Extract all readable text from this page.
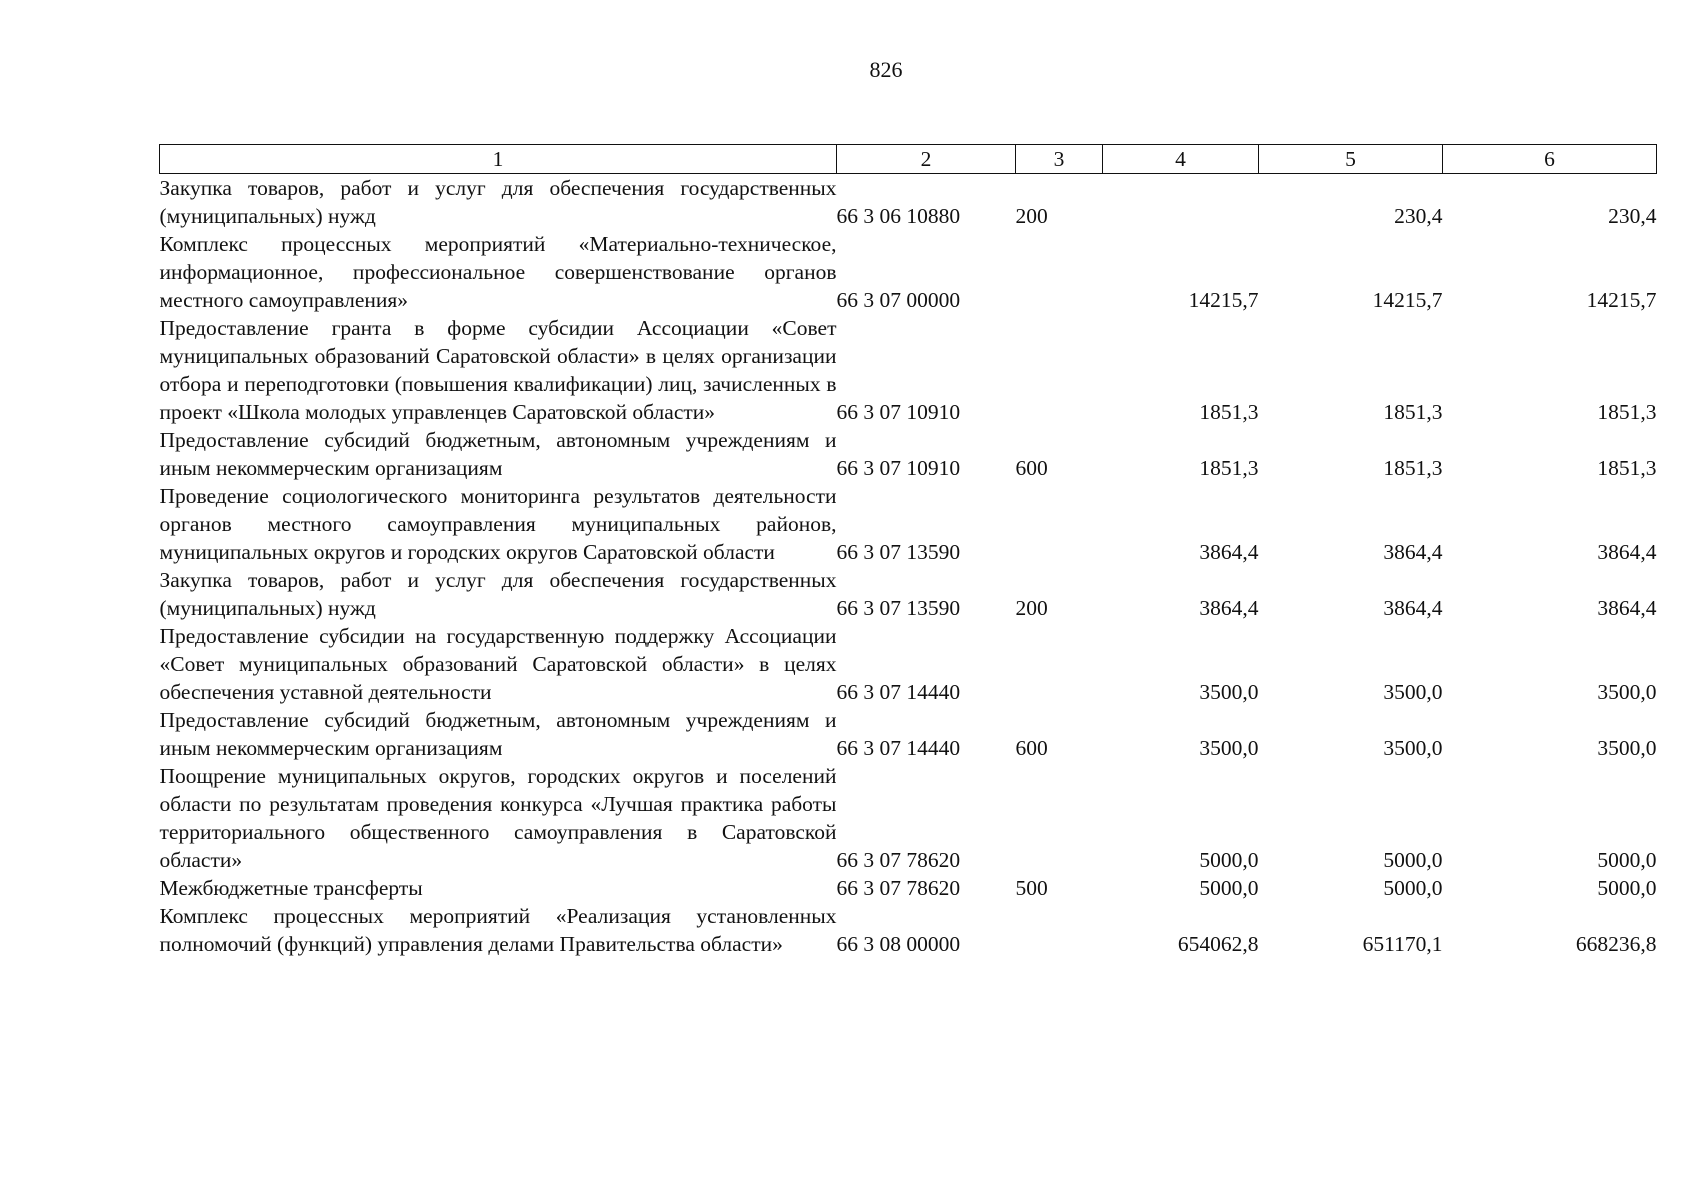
826
1	2	3	4	5	6
Закупка товаров, работ и услуг для обеспечения государственных (муниципальных) нужд	66 3 06 10880	200		230,4	230,4
Комплекс процессных мероприятий «Материально-техническое, информационное, профессиональное совершенствование органов местного самоуправления»	66 3 07 00000		14215,7	14215,7	14215,7
Предоставление гранта в форме субсидии Ассоциации «Совет муниципальных образований Саратовской области» в целях организации отбора и переподготовки (повышения квалификации) лиц, зачисленных в проект «Школа молодых управленцев Саратовской области»	66 3 07 10910		1851,3	1851,3	1851,3
Предоставление субсидий бюджетным, автономным учреждениям и иным некоммерческим организациям	66 3 07 10910	600	1851,3	1851,3	1851,3
Проведение социологического мониторинга результатов деятельности органов местного самоуправления муниципальных районов, муниципальных округов и городских округов Саратовской области	66 3 07 13590		3864,4	3864,4	3864,4
Закупка товаров, работ и услуг для обеспечения государственных (муниципальных) нужд	66 3 07 13590	200	3864,4	3864,4	3864,4
Предоставление субсидии на государственную поддержку Ассоциации «Совет муниципальных образований Саратовской области» в целях обеспечения уставной деятельности	66 3 07 14440		3500,0	3500,0	3500,0
Предоставление субсидий бюджетным, автономным учреждениям и иным некоммерческим организациям	66 3 07 14440	600	3500,0	3500,0	3500,0
Поощрение муниципальных округов, городских округов и поселений области по результатам проведения конкурса «Лучшая практика работы территориального общественного самоуправления в Саратовской области»	66 3 07 78620		5000,0	5000,0	5000,0
Межбюджетные трансферты	66 3 07 78620	500	5000,0	5000,0	5000,0
Комплекс процессных мероприятий «Реализация установленных полномочий (функций) управления делами Правительства области»	66 3 08 00000		654062,8	651170,1	668236,8
